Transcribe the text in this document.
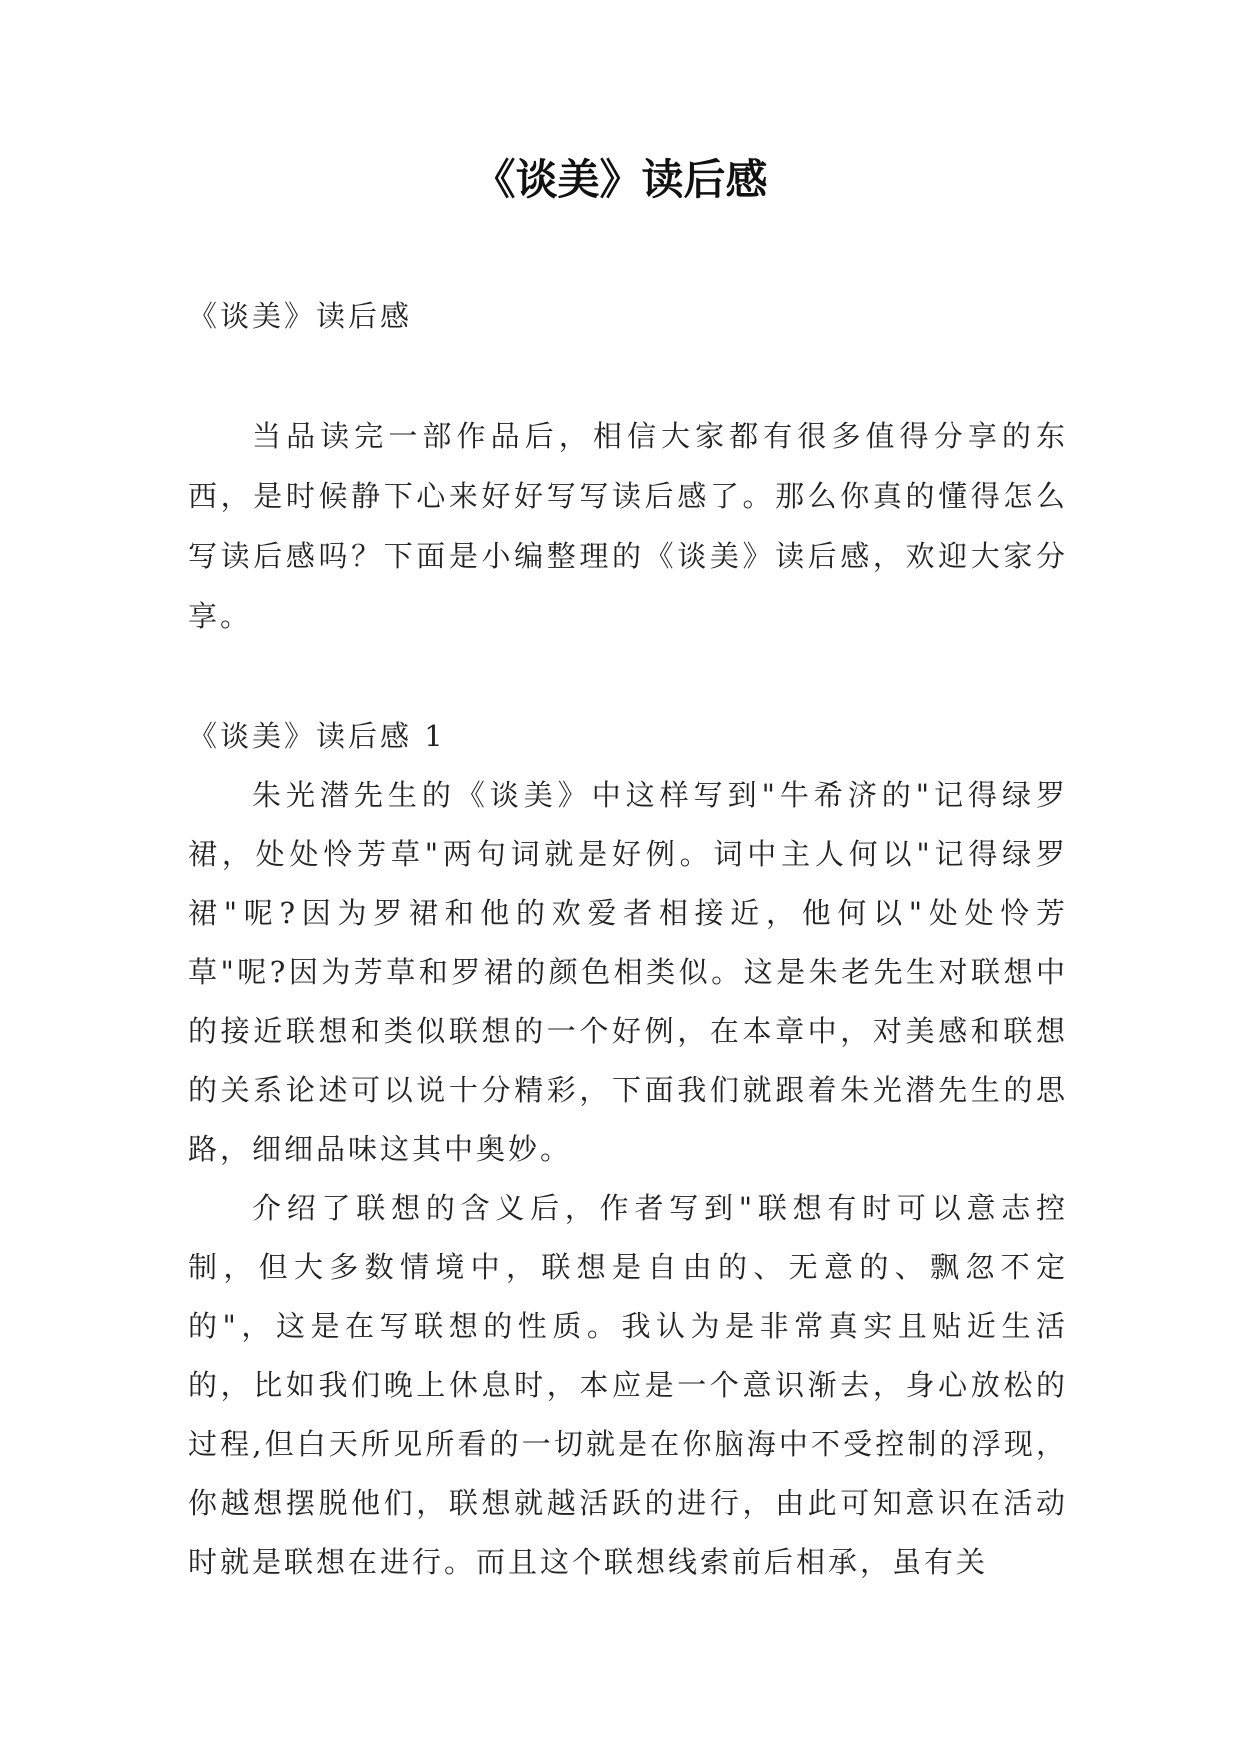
《谈美》读后感

《谈美》读后感

当品读完一部作品后，相信大家都有很多值得分享的东西，是时候静下心来好好写写读后感了。那么你真的懂得怎么写读后感吗？下面是小编整理的《谈美》读后感，欢迎大家分享。

《谈美》读后感 1

朱光潜先生的《谈美》中这样写到"牛希济的"记得绿罗裙，处处怜芳草"两句词就是好例。词中主人何以"记得绿罗裙"呢?因为罗裙和他的欢爱者相接近，他何以"处处怜芳草"呢?因为芳草和罗裙的颜色相类似。这是朱老先生对联想中的接近联想和类似联想的一个好例，在本章中，对美感和联想的关系论述可以说十分精彩，下面我们就跟着朱光潜先生的思路，细细品味这其中奥妙。

介绍了联想的含义后，作者写到"联想有时可以意志控制，但大多数情境中，联想是自由的、无意的、飘忽不定的"，这是在写联想的性质。我认为是非常真实且贴近生活的，比如我们晚上休息时，本应是一个意识渐去，身心放松的过程,但白天所见所看的一切就是在你脑海中不受控制的浮现，你越想摆脱他们，联想就越活跃的进行，由此可知意识在活动时就是联想在进行。而且这个联想线索前后相承，虽有关
